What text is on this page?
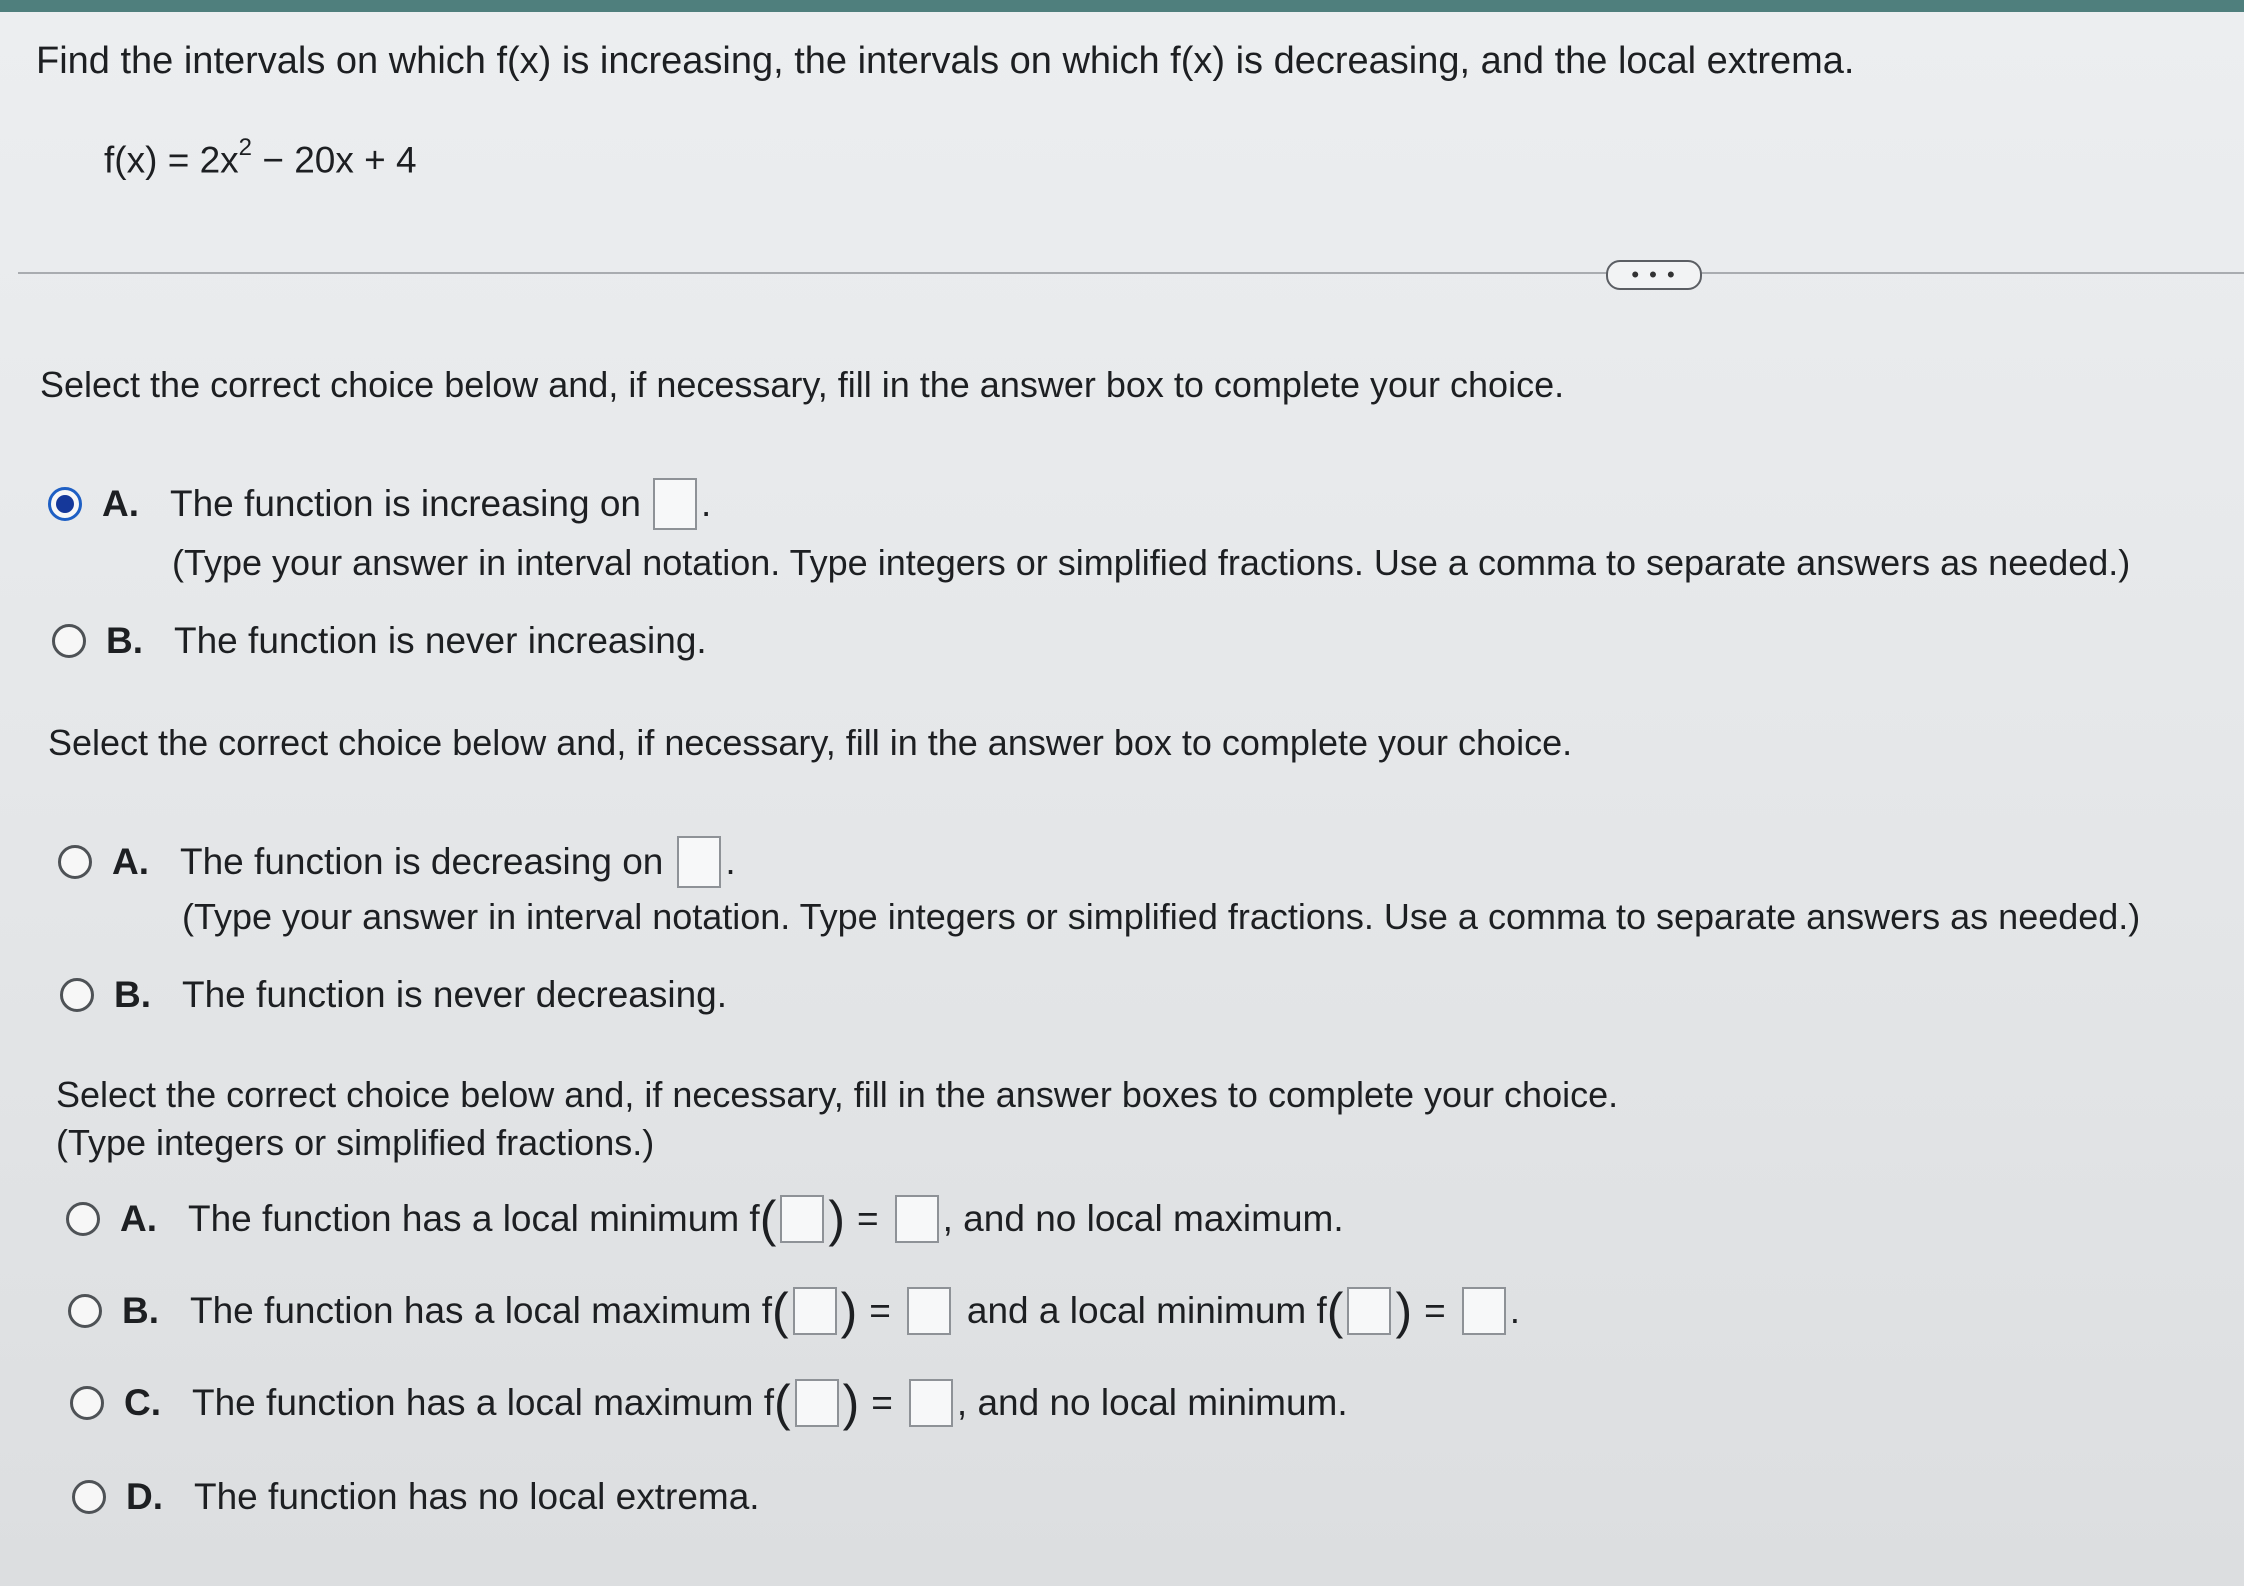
Find the intervals on which f(x) is increasing, the intervals on which f(x) is decreasing, and the local extrema.
$f(x) = 2x^2 - 20x + 4$
• • •
Select the correct choice below and, if necessary, fill in the answer box to complete your choice.
A. The function is increasing on .
(Type your answer in interval notation. Type integers or simplified fractions. Use a comma to separate answers as needed.)
B. The function is never increasing.
Select the correct choice below and, if necessary, fill in the answer box to complete your choice.
A. The function is decreasing on .
(Type your answer in interval notation. Type integers or simplified fractions. Use a comma to separate answers as needed.)
B. The function is never decreasing.
Select the correct choice below and, if necessary, fill in the answer boxes to complete your choice.
(Type integers or simplified fractions.)
A. The function has a local minimum f ( ) = , and no local maximum.
B. The function has a local maximum f ( ) = and a local minimum f ( ) = .
C. The function has a local maximum f ( ) = , and no local minimum.
D. The function has no local extrema.
